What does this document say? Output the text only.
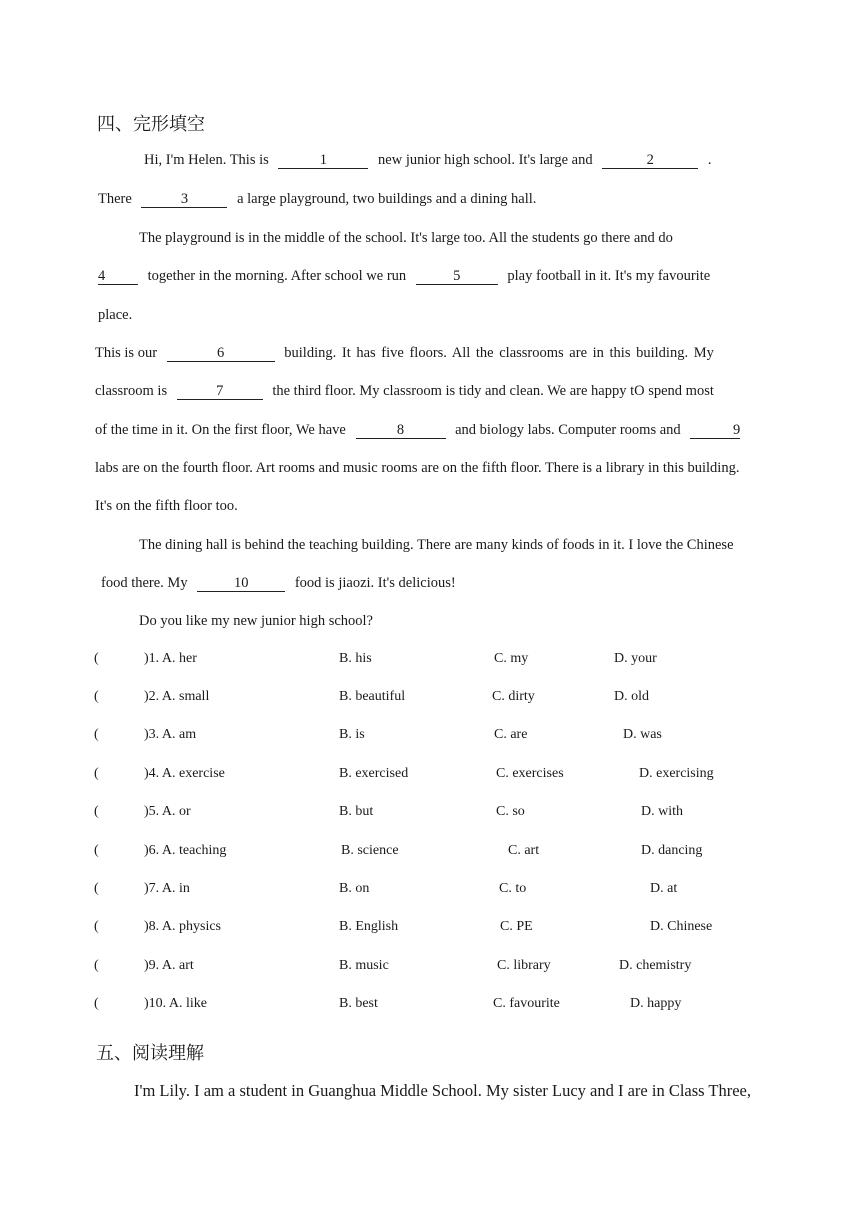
四、完形填空
Hi, I'm Helen. This is	1	new junior high school. It's large and	2	.
There	3	a large playground, two buildings and a dining hall.
The playground is in the middle of the school. It's large too. All the students go there and do
4	together in the morning. After school we run	5	play football in it. It's my favourite
place.
This is our	6	building. It has five floors. All the classrooms are in this building. My
classroom is	7	the third floor. My classroom is tidy and clean. We are happy tO spend most
of the time in it. On the first floor, We have	8	and biology labs. Computer rooms and	9
labs are on the fourth floor. Art rooms and music rooms are on the fifth floor. There is a library in this building.
It's on the fifth floor too.
The dining hall is behind the teaching building. There are many kinds of foods in it. I love the Chinese
food there. My	10	food is jiaozi. It's delicious!
Do you like my new junior high school?
(	)1. A. her	B. his	C. my	D. your
(	)2. A. small	B. beautiful	C. dirty	D. old
(	)3. A. am	B. is	C. are	D. was
(	)4. A. exercise	B. exercised	C. exercises	D. exercising
(	)5. A. or	B. but	C. so	D. with
(	)6. A. teaching	B. science	C. art	D. dancing
(	)7. A. in	B. on	C. to	D. at
(	)8. A. physics	B. English	C. PE	D. Chinese
(	)9. A. art	B. music	C. library	D. chemistry
(	)10. A. like	B. best	C. favourite	D. happy
五、阅读理解
I'm Lily. I am a student in Guanghua Middle School. My sister Lucy and I are in Class Three,
